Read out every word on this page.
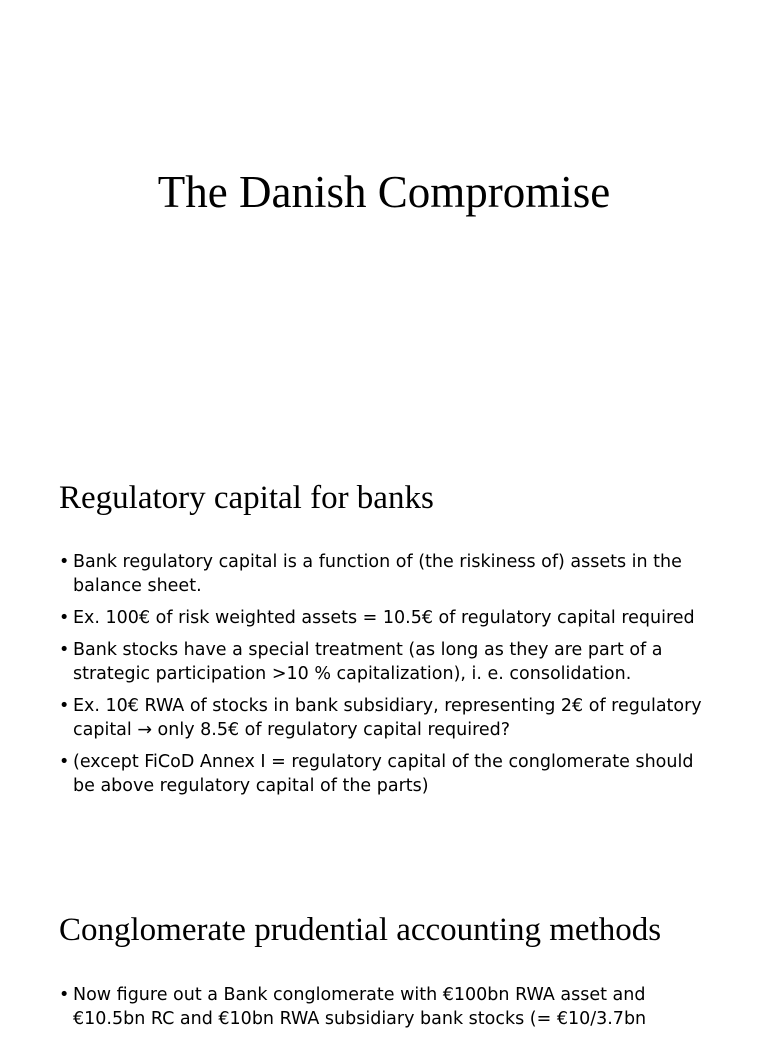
The Danish Compromise
Regulatory capital for banks
• Bank regulatory capital is a function of (the riskiness of) assets in the balance sheet.
• Ex. 100€ of risk weighted assets = 10.5€ of regulatory capital required
• Bank stocks have a special treatment (as long as they are part of a strategic participation >10 % capitalization), i. e. consolidation.
• Ex. 10€ RWA of stocks in bank subsidiary, representing 2€ of regulatory capital → only 8.5€ of regulatory capital required?
• (except FiCoD Annex I = regulatory capital of the conglomerate should be above regulatory capital of the parts)
Conglomerate prudential accounting methods
• Now figure out a Bank conglomerate with €100bn RWA asset and €10.5bn RC and €10bn RWA subsidiary bank stocks (= €10/3.7bn
